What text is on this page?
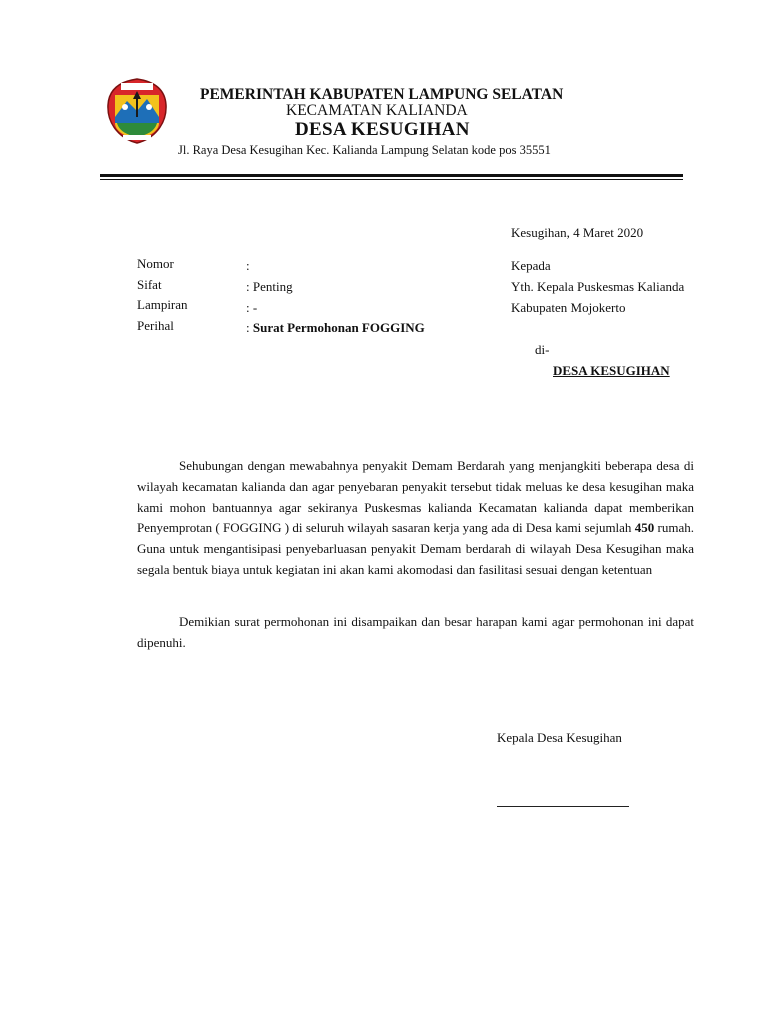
PEMERINTAH KABUPATEN LAMPUNG SELATAN
KECAMATAN KALIANDA
DESA KESUGIHAN
Jl. Raya Desa Kesugihan Kec. Kalianda Lampung Selatan kode pos 35551
Kesugihan, 4 Maret 2020
Nomor	:
Sifat	: Penting
Lampiran	: -
Perihal	: Surat Permohonan FOGGING
Kepada
Yth. Kepala Puskesmas Kalianda
Kabupaten Mojokerto
di-
DESA KESUGIHAN

Sehubungan dengan mewabahnya penyakit Demam Berdarah yang menjangkiti beberapa desa di wilayah kecamatan kalianda dan agar penyebaran penyakit tersebut tidak meluas ke desa kesugihan maka kami mohon bantuannya agar sekiranya Puskesmas kalianda Kecamatan kalianda dapat memberikan Penyemprotan ( FOGGING ) di seluruh wilayah sasaran kerja yang ada di Desa kami sejumlah 450 rumah. Guna untuk mengantisipasi penyebarluasan penyakit Demam berdarah di wilayah Desa Kesugihan maka segala bentuk biaya untuk kegiatan ini akan kami akomodasi dan fasilitasi sesuai dengan ketentuan

Demikian surat permohonan ini disampaikan dan besar harapan kami agar permohonan ini dapat dipenuhi.

Kepala Desa Kesugihan
